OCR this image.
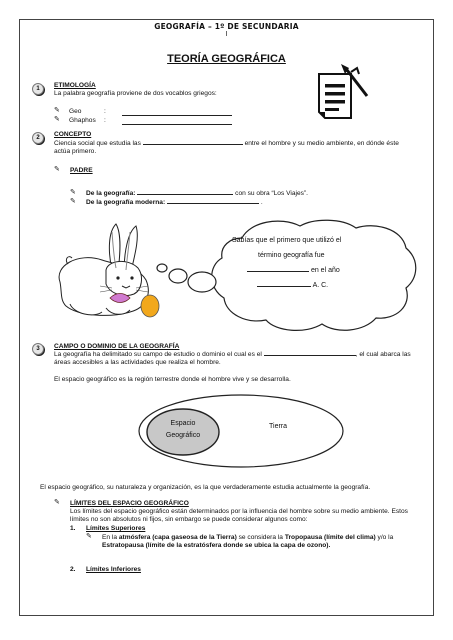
GEOGRAFÍA – 1º DE SECUNDARIA
I
TEORÍA GEOGRÁFICA
1	ETIMOLOGÍA
La palabra geografía proviene de dos vocablos griegos:
✎ Geo	:
✎ Ghaphos :
2	CONCEPTO
Ciencia social que estudia las	entre el hombre y su medio ambiente, en dónde éste
actúa primero.
✎ PADRE
✎ De la geografía:	con su obra “Los Viajes”.
✎ De la geografía moderna:	.
Sabías que el primero que utilizó el
término geografía fue
en el año
A. C.
3	CAMPO O DOMINIO DE LA GEOGRAFÍA
La geografía ha delimitado su campo de estudio o dominio el cual es el	, el cual abarca las
áreas accesibles a las actividades que realiza el hombre.
El espacio geográfico es la región terrestre donde el hombre vive y se desarrolla.
Espacio
Geográfico
Tierra
El espacio geográfico, su naturaleza y organización, es la que verdaderamente estudia actualmente la geografía.
✎ LÍMITES DEL ESPACIO GEOGRÁFICO
Los límites del espacio geográfico están determinados por la influencia del hombre sobre su medio ambiente. Estos
límites no son absolutos ni fijos, sin embargo se puede considerar algunos como:
1. Límites Superiores
✎ En la atmósfera (capa gaseosa de la Tierra) se considera la Tropopausa (límite del clima) y/o la
Estratopausa (límite de la estratósfera donde se ubica la capa de ozono).
2. Límites Inferiores
